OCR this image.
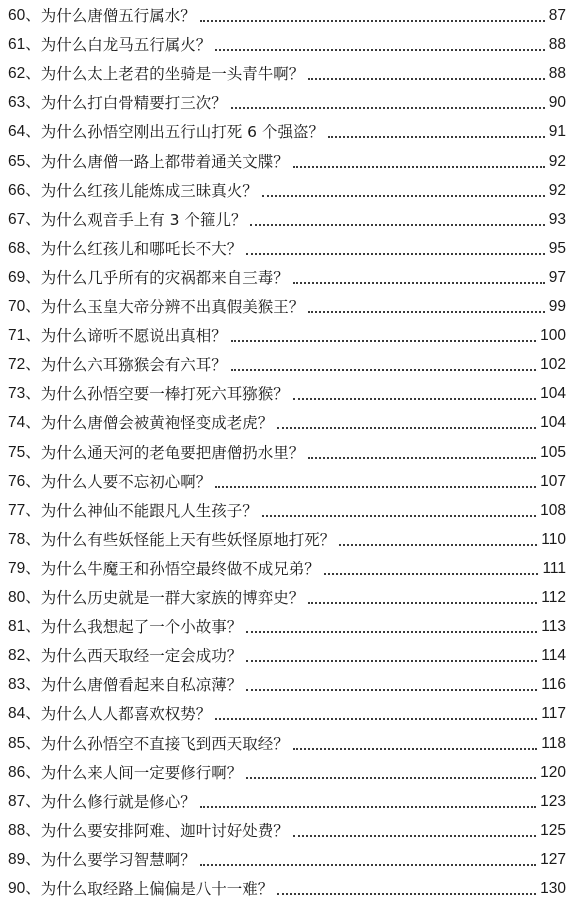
60、 为什么唐僧五行属水？	87
61、 为什么白龙马五行属火？	88
62、 为什么太上老君的坐骑是一头青牛啊？	88
63、 为什么打白骨精要打三次？	90
64、 为什么孙悟空刚出五行山打死 6 个强盗？	91
65、 为什么唐僧一路上都带着通关文牒？	92
66、 为什么红孩儿能炼成三昧真火？	92
67、 为什么观音手上有 3 个箍儿？	93
68、 为什么红孩儿和哪吒长不大？	95
69、 为什么几乎所有的灾祸都来自三毒？	97
70、 为什么玉皇大帝分辨不出真假美猴王？	99
71、 为什么谛听不愿说出真相？	100
72、 为什么六耳猕猴会有六耳？	102
73、 为什么孙悟空要一棒打死六耳猕猴？	104
74、 为什么唐僧会被黄袍怪变成老虎？	104
75、 为什么通天河的老龟要把唐僧扔水里？	105
76、 为什么人要不忘初心啊？	107
77、 为什么神仙不能跟凡人生孩子？	108
78、 为什么有些妖怪能上天有些妖怪原地打死？	110
79、 为什么牛魔王和孙悟空最终做不成兄弟？	111
80、 为什么历史就是一群大家族的博弈史？	112
81、 为什么我想起了一个小故事？	113
82、 为什么西天取经一定会成功？	114
83、 为什么唐僧看起来自私凉薄？	116
84、 为什么人人都喜欢权势？	117
85、 为什么孙悟空不直接飞到西天取经？	118
86、 为什么来人间一定要修行啊？	120
87、 为什么修行就是修心？	123
88、 为什么要安排阿难、迦叶讨好处费？	125
89、 为什么要学习智慧啊？	127
90、 为什么取经路上偏偏是八十一难？	130
